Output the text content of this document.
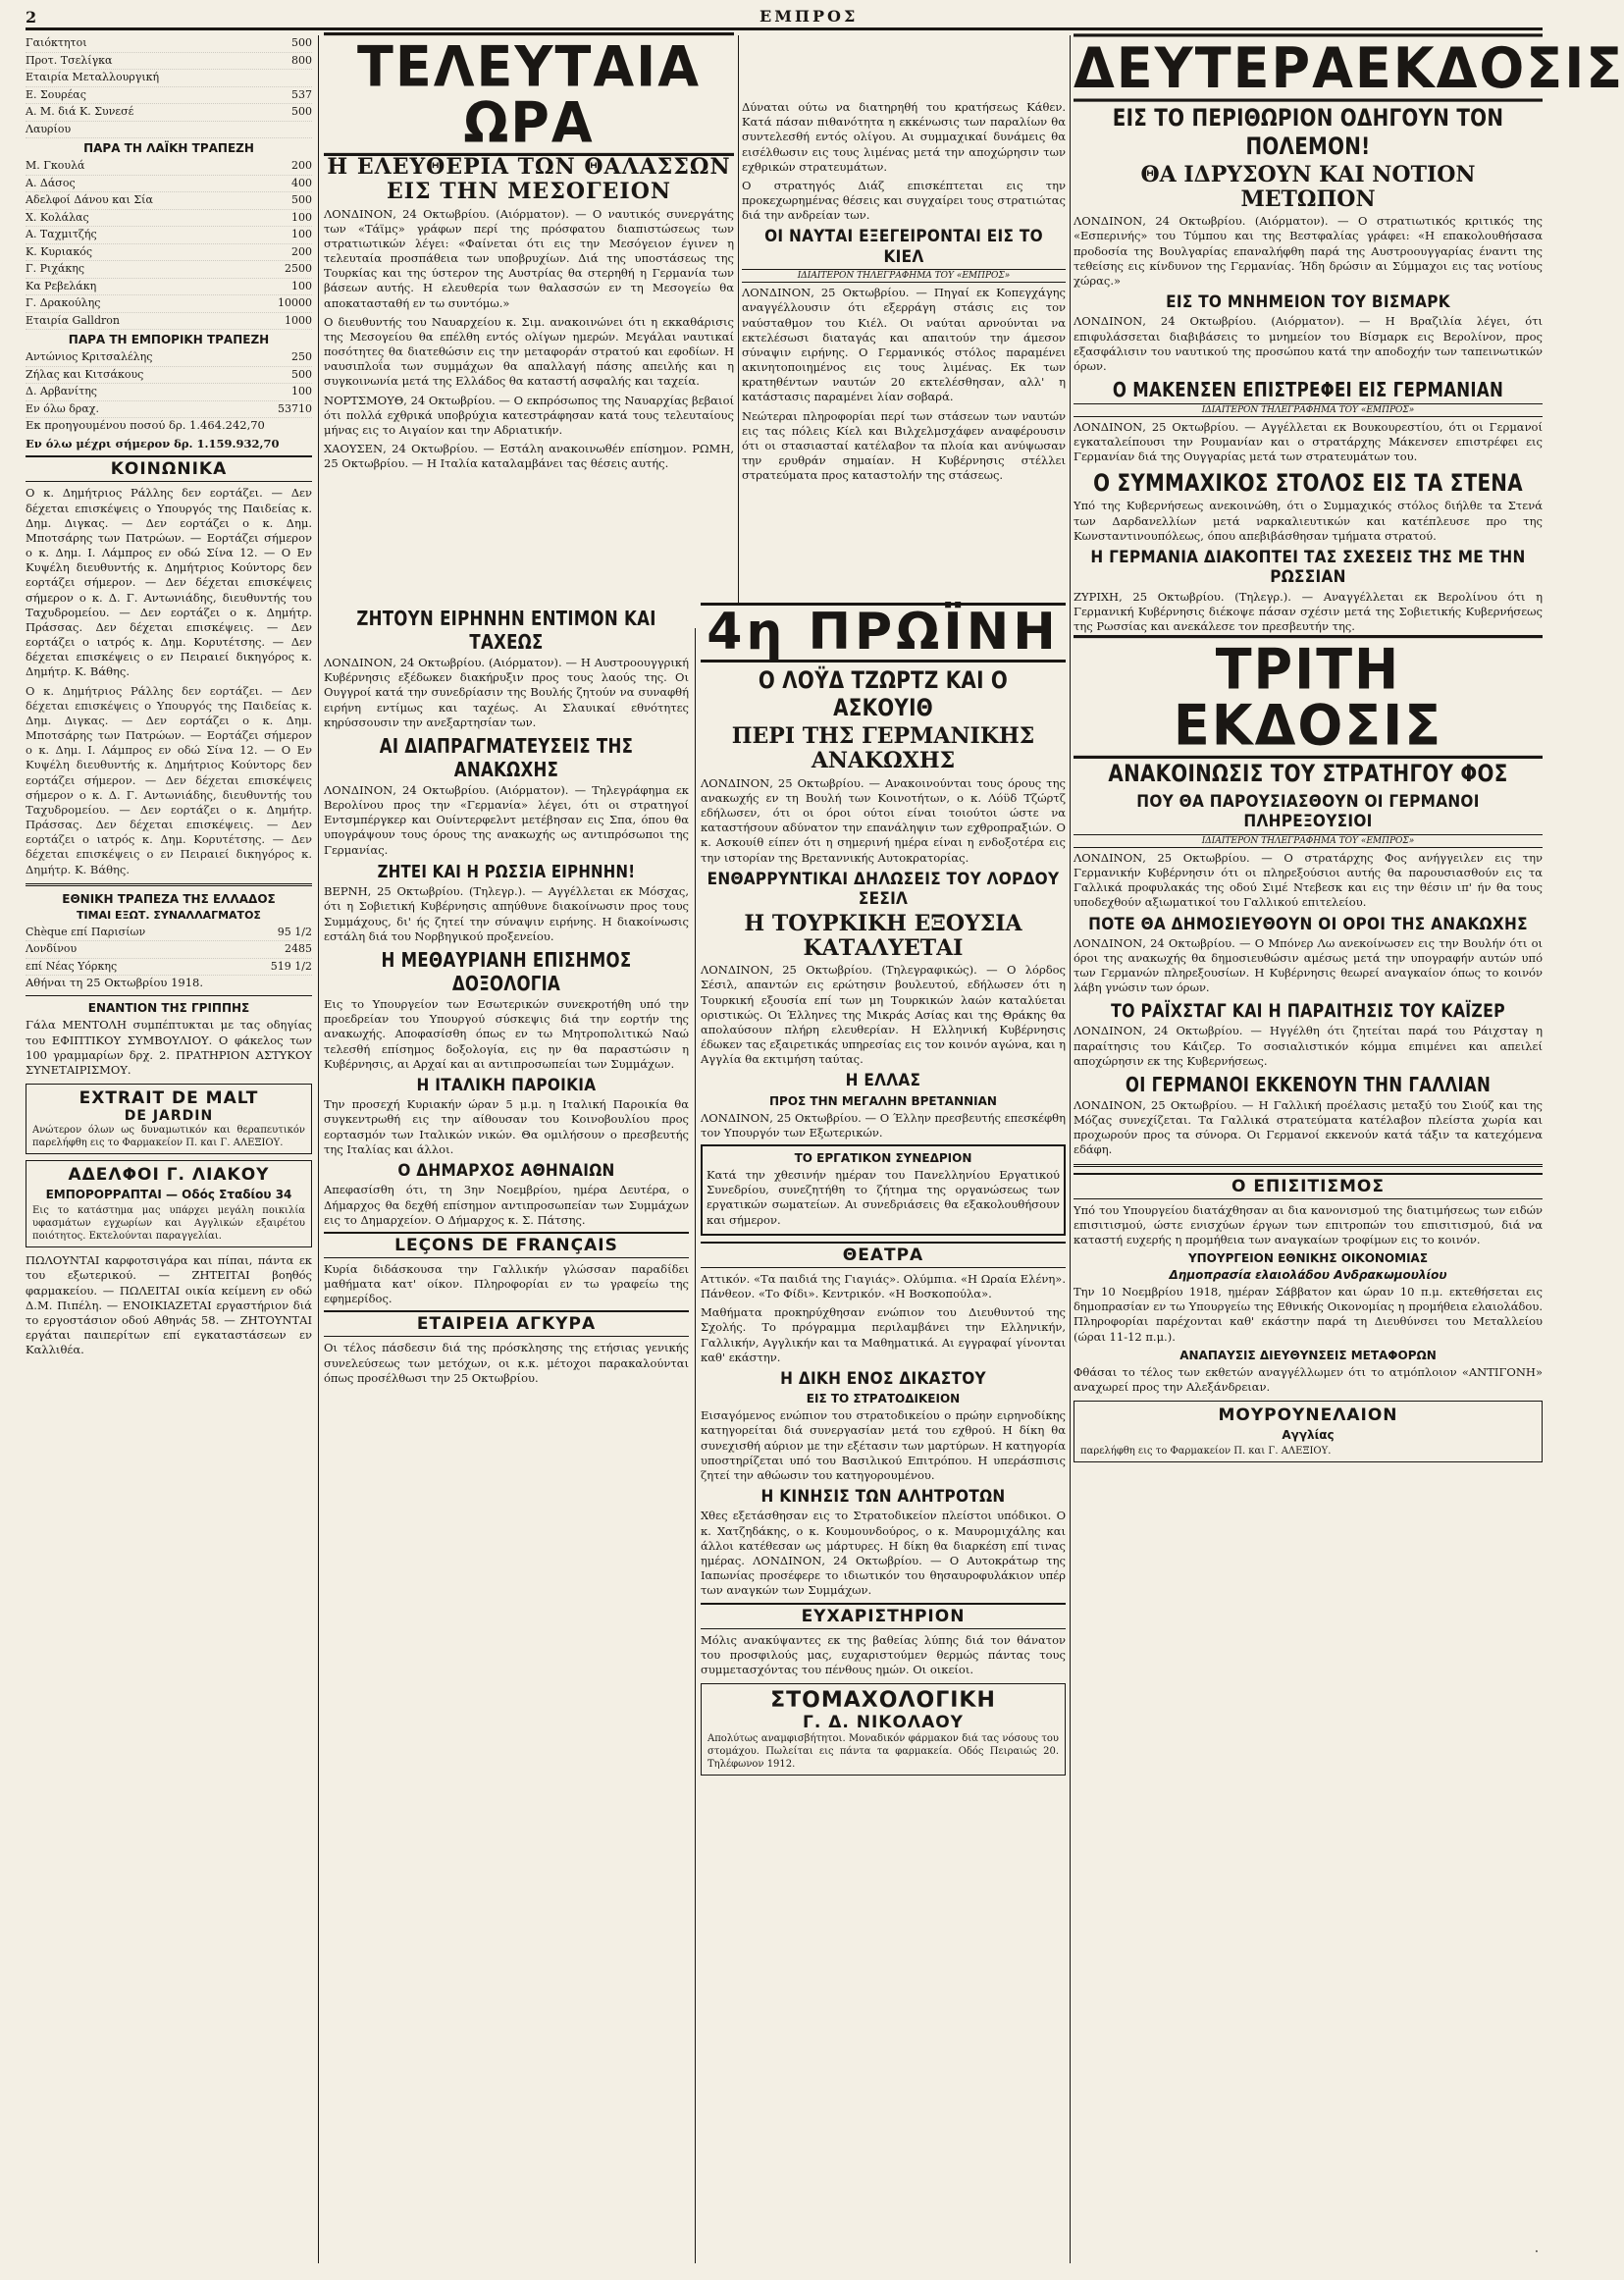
2	ΕΜΠΡΟΣ
Γαιόκτητοι	500
Προτ. Τσελίγκα	800
Εταιρία Μεταλλουργική
Ε. Σουρέας	537
Α. Μ. διά Κ. Συνεσέ	500
Λαυρίου
ΠΑΡΑ ΤΗ ΛΑΪΚΗ ΤΡΑΠΕΖΗ
Μ. Γκουλά	200
Α. Δάσος	400
Αδελφοί Δάνου και Σία	500
Χ. Κολάλας	100
Α. Ταχμιτζής	100
Κ. Κυριακός	200
Γ. Ριχάκης	2500
Κα Ρεβελάκη	100
Γ. Δρακούλης	10000
Εταιρία Galldron	1000
ΠΑΡΑ ΤΗ ΕΜΠΟΡΙΚΗ ΤΡΑΠΕΖΗ
Αντώνιος Κριτσαλέλης	250
Ζήλας και Κιτσάκους	500
Δ. Αρβανίτης	100
Εν όλω δραχ.	53710
Εκ προηγουμένου ποσού δρ. 1.464.242,70
Εν όλω μέχρι σήμερον δρ. 1.159.932,70
ΚΟΙΝΩΝΙΚΑ

Ο κ. Δημήτριος Ράλλης δεν εορτάζει. — Δεν δέχεται επισκέψεις ο Υπουργός της Παιδείας κ. Δημ. Διγκας. — Δεν εορτάζει ο κ. Δημ. Μποτσάρης των Πατρώων. — Εορτάζει σήμερον ο κ. Δημ. Ι. Λάμπρος εν οδώ Σίνα 12. — Ο Εν Κυψέλη διευθυντής κ. Δημήτριος Κούντορς δεν εορτάζει σήμερον. — Δεν δέχεται επισκέψεις σήμερον ο κ. Δ. Γ. Αντωνιάδης, διευθυντής του Ταχυδρομείου. — Δεν εορτάζει ο κ. Δημήτρ. Πράσσας. Δεν δέχεται επισκέψεις. — Δεν εορτάζει ο ιατρός κ. Δημ. Κορυτέτσης. — Δεν δέχεται επισκέψεις ο εν Πειραιεί δικηγόρος κ. Δημήτρ. Κ. Βάθης.

Ο κ. Δημήτριος Ράλλης δεν εορτάζει. — Δεν δέχεται επισκέψεις ο Υπουργός της Παιδείας κ. Δημ. Διγκας. — Δεν εορτάζει ο κ. Δημ. Μποτσάρης των Πατρώων. — Εορτάζει σήμερον ο κ. Δημ. Ι. Λάμπρος εν οδώ Σίνα 12. — Ο Εν Κυψέλη διευθυντής κ. Δημήτριος Κούντορς δεν εορτάζει σήμερον. — Δεν δέχεται επισκέψεις σήμερον ο κ. Δ. Γ. Αντωνιάδης, διευθυντής του Ταχυδρομείου. — Δεν εορτάζει ο κ. Δημήτρ. Πράσσας. Δεν δέχεται επισκέψεις. — Δεν εορτάζει ο ιατρός κ. Δημ. Κορυτέτσης. — Δεν δέχεται επισκέψεις ο εν Πειραιεί δικηγόρος κ. Δημήτρ. Κ. Βάθης.

ΕΘΝΙΚΗ ΤΡΑΠΕΖΑ ΤΗΣ ΕΛΛΑΔΟΣ
ΤΙΜΑΙ ΕΞΩΤ. ΣΥΝΑΛΛΑΓΜΑΤΟΣ
Chèque επί Παρισίων	95 1/2
Λονδίνου	2485
επί Νέας Υόρκης	519 1/2
Αθήναι τη 25 Οκτωβρίου 1918.
ΕΝΑΝΤΙΟΝ ΤΗΣ ΓΡΙΠΠΗΣ

Γάλα ΜΕΝΤΟΛΗ συμπέπτυκται με τας οδηγίας του ΕΦΙΠΤΙΚΟΥ ΣΥΜΒΟΥΛΙΟΥ. Ο φάκελος των 100 γραμμαρίων δρχ. 2. ΠΡΑΤΗΡΙΟΝ ΑΣΤΥΚΟΥ ΣΥΝΕΤΑΙΡΙΣΜΟΥ.

EXTRAIT DE MALT
DE JARDIN
Ανώτερον όλων ως δυναμωτικόν και θεραπευτικόν παρελήφθη εις το Φαρμακείον Π. και Γ. ΑΛΕΞΙΟΥ.
ΑΔΕΛΦΟΙ Γ. ΛΙΑΚΟΥ
ΕΜΠΟΡΟΡΡΑΠΤΑΙ — Οδός Σταδίου 34
Εις το κατάστημα μας υπάρχει μεγάλη ποικιλία υφασμάτων εγχωρίων και Αγγλικών εξαιρέτου ποιότητος. Εκτελούνται παραγγελίαι.

ΠΩΛΟΥΝΤΑΙ καρφοτσιγάρα και πίπαι, πάντα εκ του εξωτερικού. — ΖΗΤΕΙΤΑΙ βοηθός φαρμακείου. — ΠΩΛΕΙΤΑΙ οικία κείμενη εν οδώ Δ.Μ. Πιπέλη. — ΕΝΟΙΚΙΑΖΕΤΑΙ εργαστήριον διά το εργοστάσιον οδού Αθηνάς 58. — ΖΗΤΟΥΝΤΑΙ εργάται παιπερίτων επί εγκαταστάσεων εν Καλλιθέα.

ΤΕΛΕΥΤΑΙΑ ΩΡΑ
Η ΕΛΕΥΘΕΡΙΑ ΤΩΝ ΘΑΛΑΣΣΩΝ ΕΙΣ ΤΗΝ ΜΕΣΟΓΕΙΟΝ

ΛΟΝΔΙΝΟΝ, 24 Οκτωβρίου. (Αιόρματον). — Ο ναυτικός συνεργάτης των «Τάϊμς» γράφων περί της πρόσφατου διαπιστώσεως των στρατιωτικών λέγει: «Φαίνεται ότι εις την Μεσόγειον έγινεν η τελευταία προσπάθεια των υποβρυχίων. Διά της υποστάσεως της Τουρκίας και της ύστερον της Αυστρίας θα στερηθή η Γερμανία των βάσεων αυτής. Η ελευθερία των θαλασσών εν τη Μεσογείω θα αποκατασταθή εν τω συντόμω.»

Ο διευθυντής του Ναυαρχείου κ. Σιμ. ανακοινώνει ότι η εκκαθάρισις της Μεσογείου θα επέλθη εντός ολίγων ημερών. Μεγάλαι ναυτικαί ποσότητες θα διατεθώσιν εις την μεταφοράν στρατού και εφοδίων. Η ναυσιπλοΐα των συμμάχων θα απαλλαγή πάσης απειλής και η συγκοινωνία μετά της Ελλάδος θα καταστή ασφαλής και ταχεία.

ΝΟΡΤΣΜΟΥΘ, 24 Οκτωβρίου. — Ο εκπρόσωπος της Ναυαρχίας βεβαιοί ότι πολλά εχθρικά υποβρύχια κατεστράφησαν κατά τους τελευταίους μήνας εις το Αιγαίον και την Αδριατικήν.

ΧΑΟΥΣΕΝ, 24 Οκτωβρίου. — Εστάλη ανακοινωθέν επίσημον. ΡΩΜΗ, 25 Οκτωβρίου. — Η Ιταλία καταλαμβάνει τας θέσεις αυτής.

Δύναται ούτω να διατηρηθή του κρατήσεως Κάθεν. Κατά πάσαν πιθανότητα η εκκένωσις των παραλίων θα συντελεσθή εντός ολίγου. Αι συμμαχικαί δυνάμεις θα εισέλθωσιν εις τους λιμένας μετά την αποχώρησιν των εχθρικών στρατευμάτων.

Ο στρατηγός Διάζ επισκέπτεται εις την προκεχωρημένας θέσεις και συγχαίρει τους στρατιώτας διά την ανδρείαν των.

ΟΙ ΝΑΥΤΑΙ ΕΞΕΓΕΙΡΟΝΤΑΙ ΕΙΣ ΤΟ ΚΙΕΛ
ΙΔΙΑΙΤΕΡΟΝ ΤΗΛΕΓΡΑΦΗΜΑ ΤΟΥ «ΕΜΠΡΟΣ»

ΛΟΝΔΙΝΟΝ, 25 Οκτωβρίου. — Πηγαί εκ Κοπεγχάγης αναγγέλλουσιν ότι εξερράγη στάσις εις τον ναύσταθμον του Κιέλ. Οι ναύται αρνούνται να εκτελέσωσι διαταγάς και απαιτούν την άμεσον σύναψιν ειρήνης. Ο Γερμανικός στόλος παραμένει ακινητοποιημένος εις τους λιμένας. Εκ των κρατηθέντων ναυτών 20 εκτελέσθησαν, αλλ' η κατάστασις παραμένει λίαν σοβαρά.

Νεώτεραι πληροφορίαι περί των στάσεων των ναυτών εις τας πόλεις Κίελ και Βιλχελμσχάφεν αναφέρουσιν ότι οι στασιασταί κατέλαβον τα πλοία και ανύψωσαν την ερυθράν σημαίαν. Η Κυβέρνησις στέλλει στρατεύματα προς καταστολήν της στάσεως.

ΔΕΥΤΕΡΑΕΚΔΟΣΙΣ
ΕΙΣ ΤΟ ΠΕΡΙΘΩΡΙΟΝ ΟΔΗΓΟΥΝ ΤΟΝ ΠΟΛΕΜΟΝ!
ΘΑ ΙΔΡΥΣΟΥΝ ΚΑΙ ΝΟΤΙΟΝ ΜΕΤΩΠΟΝ

ΛΟΝΔΙΝΟΝ, 24 Οκτωβρίου. (Αιόρματον). — Ο στρατιωτικός κριτικός της «Εσπερινής» του Τύμπου και της Βεστφαλίας γράφει: «Η επακολουθήσασα προδοσία της Βουλγαρίας επαναλήφθη παρά της Αυστροουγγαρίας έναντι της τεθείσης εις κίνδυνον της Γερμανίας. Ήδη δρώσιν αι Σύμμαχοι εις τας νοτίους χώρας.»

ΕΙΣ ΤΟ ΜΝΗΜΕΙΟΝ ΤΟΥ ΒΙΣΜΑΡΚ

ΛΟΝΔΙΝΟΝ, 24 Οκτωβρίου. (Αιόρματον). — Η Βραζιλία λέγει, ότι επιφυλάσσεται διαβιβάσεις το μνημείον του Βίσμαρκ εις Βερολίνον, προς εξασφάλισιν του ναυτικού της προσώπου κατά την αποδοχήν των ταπεινωτικών όρων.

Ο ΜΑΚΕΝΣΕΝ ΕΠΙΣΤΡΕΦΕΙ ΕΙΣ ΓΕΡΜΑΝΙΑΝ
ΙΔΙΑΙΤΕΡΟΝ ΤΗΛΕΓΡΑΦΗΜΑ ΤΟΥ «ΕΜΠΡΟΣ»

ΛΟΝΔΙΝΟΝ, 25 Οκτωβρίου. — Αγγέλλεται εκ Βουκουρεστίου, ότι οι Γερμανοί εγκαταλείπουσι την Ρουμανίαν και ο στρατάρχης Μάκενσεν επιστρέφει εις Γερμανίαν διά της Ουγγαρίας μετά των στρατευμάτων του.

Ο ΣΥΜΜΑΧΙΚΟΣ ΣΤΟΛΟΣ ΕΙΣ ΤΑ ΣΤΕΝΑ

Υπό της Κυβερνήσεως ανεκοινώθη, ότι ο Συμμαχικός στόλος διήλθε τα Στενά των Δαρδανελλίων μετά ναρκαλιευτικών και κατέπλευσε προ της Κωνσταντινουπόλεως, όπου απεβιβάσθησαν τμήματα στρατού.

Η ΓΕΡΜΑΝΙΑ ΔΙΑΚΟΠΤΕΙ ΤΑΣ ΣΧΕΣΕΙΣ ΤΗΣ ΜΕ ΤΗΝ ΡΩΣΣΙΑΝ

ΖΥΡΙΧΗ, 25 Οκτωβρίου. (Τηλεγρ.). — Αναγγέλλεται εκ Βερολίνου ότι η Γερμανική Κυβέρνησις διέκοψε πάσαν σχέσιν μετά της Σοβιετικής Κυβερνήσεως της Ρωσσίας και ανεκάλεσε τον πρεσβευτήν της.

ΤΡΙΤΗ ΕΚΔΟΣΙΣ
ΑΝΑΚΟΙΝΩΣΙΣ ΤΟΥ ΣΤΡΑΤΗΓΟΥ ΦΟΣ
ΠΟΥ ΘΑ ΠΑΡΟΥΣΙΑΣΘΟΥΝ ΟΙ ΓΕΡΜΑΝΟΙ ΠΛΗΡΕΞΟΥΣΙΟΙ
ΙΔΙΑΙΤΕΡΟΝ ΤΗΛΕΓΡΑΦΗΜΑ ΤΟΥ «ΕΜΠΡΟΣ»

ΛΟΝΔΙΝΟΝ, 25 Οκτωβρίου. — Ο στρατάρχης Φος ανήγγειλεν εις την Γερμανικήν Κυβέρνησιν ότι οι πληρεξούσιοι αυτής θα παρουσιασθούν εις τα Γαλλικά προφυλακάς της οδού Σιμέ Ντεβεσκ και εις την θέσιν ιπ' ήν θα τους υποδεχθούν αξιωματικοί του Γαλλικού επιτελείου.

ΠΟΤΕ ΘΑ ΔΗΜΟΣΙΕΥΘΟΥΝ ΟΙ ΟΡΟΙ ΤΗΣ ΑΝΑΚΩΧΗΣ

ΛΟΝΔΙΝΟΝ, 24 Οκτωβρίου. — Ο Μπόνερ Λω ανεκοίνωσεν εις την Βουλήν ότι οι όροι της ανακωχής θα δημοσιευθώσιν αμέσως μετά την υπογραφήν αυτών υπό των Γερμανών πληρεξουσίων. Η Κυβέρνησις θεωρεί αναγκαίον όπως το κοινόν λάβη γνώσιν των όρων.

ΤΟ ΡΑΪΧΣΤΑΓ ΚΑΙ Η ΠΑΡΑΙΤΗΣΙΣ ΤΟΥ ΚΑΪΖΕΡ

ΛΟΝΔΙΝΟΝ, 24 Οκτωβρίου. — Ηγγέλθη ότι ζητείται παρά του Ράιχσταγ η παραίτησις του Κάιζερ. Το σοσιαλιστικόν κόμμα επιμένει και απειλεί αποχώρησιν εκ της Κυβερνήσεως.

ΟΙ ΓΕΡΜΑΝΟΙ ΕΚΚΕΝΟΥΝ ΤΗΝ ΓΑΛΛΙΑΝ

ΛΟΝΔΙΝΟΝ, 25 Οκτωβρίου. — Η Γαλλική προέλασις μεταξύ του Σιούζ και της Μόζας συνεχίζεται. Τα Γαλλικά στρατεύματα κατέλαβον πλείστα χωρία και προχωρούν προς τα σύνορα. Οι Γερμανοί εκκενούν κατά τάξιν τα κατεχόμενα εδάφη.

Ο ΕΠΙΣΙΤΙΣΜΟΣ

Υπό του Υπουργείου διατάχθησαν αι δια κανονισμού της διατιμήσεως των ειδών επισιτισμού, ώστε ενισχύων έργων των επιτροπών του επισιτισμού, διά να καταστή ευχερής η προμήθεια των αναγκαίων τροφίμων εις το κοινόν.

ΥΠΟΥΡΓΕΙΟΝ ΕΘΝΙΚΗΣ ΟΙΚΟΝΟΜΙΑΣ
Δημοπρασία ελαιολάδου Ανδρακωμουλίου

Την 10 Νοεμβρίου 1918, ημέραν Σάββατον και ώραν 10 π.μ. εκτεθήσεται εις δημοπρασίαν εν τω Υπουργείω της Εθνικής Οικονομίας η προμήθεια ελαιολάδου. Πληροφορίαι παρέχονται καθ' εκάστην παρά τη Διευθύνσει του Μεταλλείου (ώραι 11-12 π.μ.).

ΑΝΑΠΑΥΣΙΣ ΔΙΕΥΘΥΝΣΕΙΣ ΜΕΤΑΦΟΡΩΝ

Φθάσαι το τέλος των εκθετών αναγγέλλωμεν ότι το ατμόπλοιον «ΑΝΤΙΓΟΝΗ» αναχωρεί προς την Αλεξάνδρειαν.

ΜΟΥΡΟΥΝΕΛΑΙΟΝ
Αγγλίας
παρελήφθη εις το Φαρμακείον Π. και Γ. ΑΛΕΞΙΟΥ.
ΖΗΤΟΥΝ ΕΙΡΗΝΗΝ ΕΝΤΙΜΟΝ ΚΑΙ ΤΑΧΕΩΣ

ΛΟΝΔΙΝΟΝ, 24 Οκτωβρίου. (Αιόρματον). — Η Αυστροουγγρική Κυβέρνησις εξέδωκεν διακήρυξιν προς τους λαούς της. Οι Ουγγροί κατά την συνεδρίασιν της Βουλής ζητούν να συναφθή ειρήνη εντίμως και ταχέως. Αι Σλαυικαί εθνότητες κηρύσσουσιν την ανεξαρτησίαν των.

ΑΙ ΔΙΑΠΡΑΓΜΑΤΕΥΣΕΙΣ ΤΗΣ ΑΝΑΚΩΧΗΣ

ΛΟΝΔΙΝΟΝ, 24 Οκτωβρίου. (Αιόρματον). — Τηλεγράφημα εκ Βερολίνου προς την «Γερμανία» λέγει, ότι οι στρατηγοί Εντσμπέργκερ και Ουίντερφελντ μετέβησαν εις Σπα, όπου θα υπογράψουν τους όρους της ανακωχής ως αντιπρόσωποι της Γερμανίας.

ΖΗΤΕΙ ΚΑΙ Η ΡΩΣΣΙΑ ΕΙΡΗΝΗΝ!

ΒΕΡΝΗ, 25 Οκτωβρίου. (Τηλεγρ.). — Αγγέλλεται εκ Μόσχας, ότι η Σοβιετική Κυβέρνησις απηύθυνε διακοίνωσιν προς τους Συμμάχους, δι' ής ζητεί την σύναψιν ειρήνης. Η διακοίνωσις εστάλη διά του Νορβηγικού προξενείου.

Η ΜΕΘΑΥΡΙΑΝΗ ΕΠΙΣΗΜΟΣ ΔΟΞΟΛΟΓΙΑ

Εις το Υπουργείον των Εσωτερικών συνεκροτήθη υπό την προεδρείαν του Υπουργού σύσκεψις διά την εορτήν της ανακωχής. Αποφασίσθη όπως εν τω Μητροπολιτικώ Ναώ τελεσθή επίσημος δοξολογία, εις ην θα παραστώσιν η Κυβέρνησις, αι Αρχαί και αι αντιπροσωπείαι των Συμμάχων.

Η ΙΤΑΛΙΚΗ ΠΑΡΟΙΚΙΑ

Την προσεχή Κυριακήν ώραν 5 μ.μ. η Ιταλική Παροικία θα συγκεντρωθή εις την αίθουσαν του Κοινοβουλίου προς εορτασμόν των Ιταλικών νικών. Θα ομιλήσουν ο πρεσβευτής της Ιταλίας και άλλοι.

Ο ΔΗΜΑΡΧΟΣ ΑΘΗΝΑΙΩΝ

Απεφασίσθη ότι, τη 3ην Νοεμβρίου, ημέρα Δευτέρα, ο Δήμαρχος θα δεχθή επίσημον αντιπροσωπείαν των Συμμάχων εις το Δημαρχείον. Ο Δήμαρχος κ. Σ. Πάτσης.

LEÇONS DE FRANÇAIS

Κυρία διδάσκουσα την Γαλλικήν γλώσσαν παραδίδει μαθήματα κατ' οίκον. Πληροφορίαι εν τω γραφείω της εφημερίδος.

ΕΤΑΙΡΕΙΑ ΑΓΚΥΡΑ

Οι τέλος πάσδεσιν διά της πρόσκλησης της ετήσιας γενικής συνελεύσεως των μετόχων, οι κ.κ. μέτοχοι παρακαλούνται όπως προσέλθωσι την 25 Οκτωβρίου.

4η ΠΡΩΪΝΗ
Ο ΛΟΫΔ ΤΖΩΡΤΖ ΚΑΙ Ο ΑΣΚΟΥΙΘ
ΠΕΡΙ ΤΗΣ ΓΕΡΜΑΝΙΚΗΣ ΑΝΑΚΩΧΗΣ

ΛΟΝΔΙΝΟΝ, 25 Οκτωβρίου. — Ανακοινούνται τους όρους της ανακωχής εν τη Βουλή των Κοινοτήτων, ο κ. Λόϋδ Τζώρτζ εδήλωσεν, ότι οι όροι ούτοι είναι τοιούτοι ώστε να καταστήσουν αδύνατον την επανάληψιν των εχθροπραξιών. Ο κ. Ασκουίθ είπεν ότι η σημερινή ημέρα είναι η ενδοξοτέρα εις την ιστορίαν της Βρεταννικής Αυτοκρατορίας.

ΕΝΘΑΡΡΥΝΤΙΚΑΙ ΔΗΛΩΣΕΙΣ ΤΟΥ ΛΟΡΔΟΥ ΣΕΣΙΛ
Η ΤΟΥΡΚΙΚΗ ΕΞΟΥΣΙΑ ΚΑΤΑΛΥΕΤΑΙ

ΛΟΝΔΙΝΟΝ, 25 Οκτωβρίου. (Τηλεγραφικώς). — Ο λόρδος Σέσιλ, απαντών εις ερώτησιν βουλευτού, εδήλωσεν ότι η Τουρκική εξουσία επί των μη Τουρκικών λαών καταλύεται οριστικώς. Οι Έλληνες της Μικράς Ασίας και της Θράκης θα απολαύσουν πλήρη ελευθερίαν. Η Ελληνική Κυβέρνησις έδωκεν τας εξαιρετικάς υπηρεσίας εις τον κοινόν αγώνα, και η Αγγλία θα εκτιμήση ταύτας.

Η ΕΛΛΑΣ
ΠΡΟΣ ΤΗΝ ΜΕΓΑΛΗΝ ΒΡΕΤΑΝΝΙΑΝ

ΛΟΝΔΙΝΟΝ, 25 Οκτωβρίου. — Ο Έλλην πρεσβευτής επεσκέφθη τον Υπουργόν των Εξωτερικών.

ΤΟ ΕΡΓΑΤΙΚΟΝ ΣΥΝΕΔΡΙΟΝ

Κατά την χθεσινήν ημέραν του Πανελληνίου Εργατικού Συνεδρίου, συνεζητήθη το ζήτημα της οργανώσεως των εργατικών σωματείων. Αι συνεδριάσεις θα εξακολουθήσουν και σήμερον.

ΘΕΑΤΡΑ

Αττικόν. «Τα παιδιά της Γιαγιάς». Ολύμπια. «Η Ωραία Ελένη». Πάνθεον. «Το Φίδι». Κεντρικόν. «Η Βοσκοπούλα».

Μαθήματα προκηρύχθησαν ενώπιον του Διευθυντού της Σχολής. Το πρόγραμμα περιλαμβάνει την Ελληνικήν, Γαλλικήν, Αγγλικήν και τα Μαθηματικά. Αι εγγραφαί γίνονται καθ' εκάστην.

Η ΔΙΚΗ ΕΝΟΣ ΔΙΚΑΣΤΟΥ
ΕΙΣ ΤΟ ΣΤΡΑΤΟΔΙΚΕΙΟΝ

Εισαγόμενος ενώπιον του στρατοδικείου ο πρώην ειρηνοδίκης κατηγορείται διά συνεργασίαν μετά του εχθρού. Η δίκη θα συνεχισθή αύριον με την εξέτασιν των μαρτύρων. Η κατηγορία υποστηρίζεται υπό του Βασιλικού Επιτρόπου. Η υπεράσπισις ζητεί την αθώωσιν του κατηγορουμένου.

Η ΚΙΝΗΣΙΣ ΤΩΝ ΑΛΗΤΡΟΤΩΝ

Χθες εξετάσθησαν εις το Στρατοδικείον πλείστοι υπόδικοι. Ο κ. Χατζηδάκης, ο κ. Κουμουνδούρος, ο κ. Μαυρομιχάλης και άλλοι κατέθεσαν ως μάρτυρες. Η δίκη θα διαρκέση επί τινας ημέρας. ΛΟΝΔΙΝΟΝ, 24 Οκτωβρίου. — Ο Αυτοκράτωρ της Ιαπωνίας προσέφερε το ιδιωτικόν του θησαυροφυλάκιον υπέρ των αναγκών των Συμμάχων.

ΕΥΧΑΡΙΣΤΗΡΙΟΝ

Μόλις ανακύψαντες εκ της βαθείας λύπης διά τον θάνατον του προσφιλούς μας, ευχαριστούμεν θερμώς πάντας τους συμμετασχόντας του πένθους ημών. Οι οικείοι.

ΣΤΟΜΑΧΟΛΟΓΙΚΗ
Γ. Δ. ΝΙΚΟΛΑΟΥ
Απολύτως αναμφισβήτητοι. Μοναδικόν φάρμακον διά τας νόσους του στομάχου. Πωλείται εις πάντα τα φαρμακεία. Οδός Πειραιώς 20. Τηλέφωνον 1912.
·
